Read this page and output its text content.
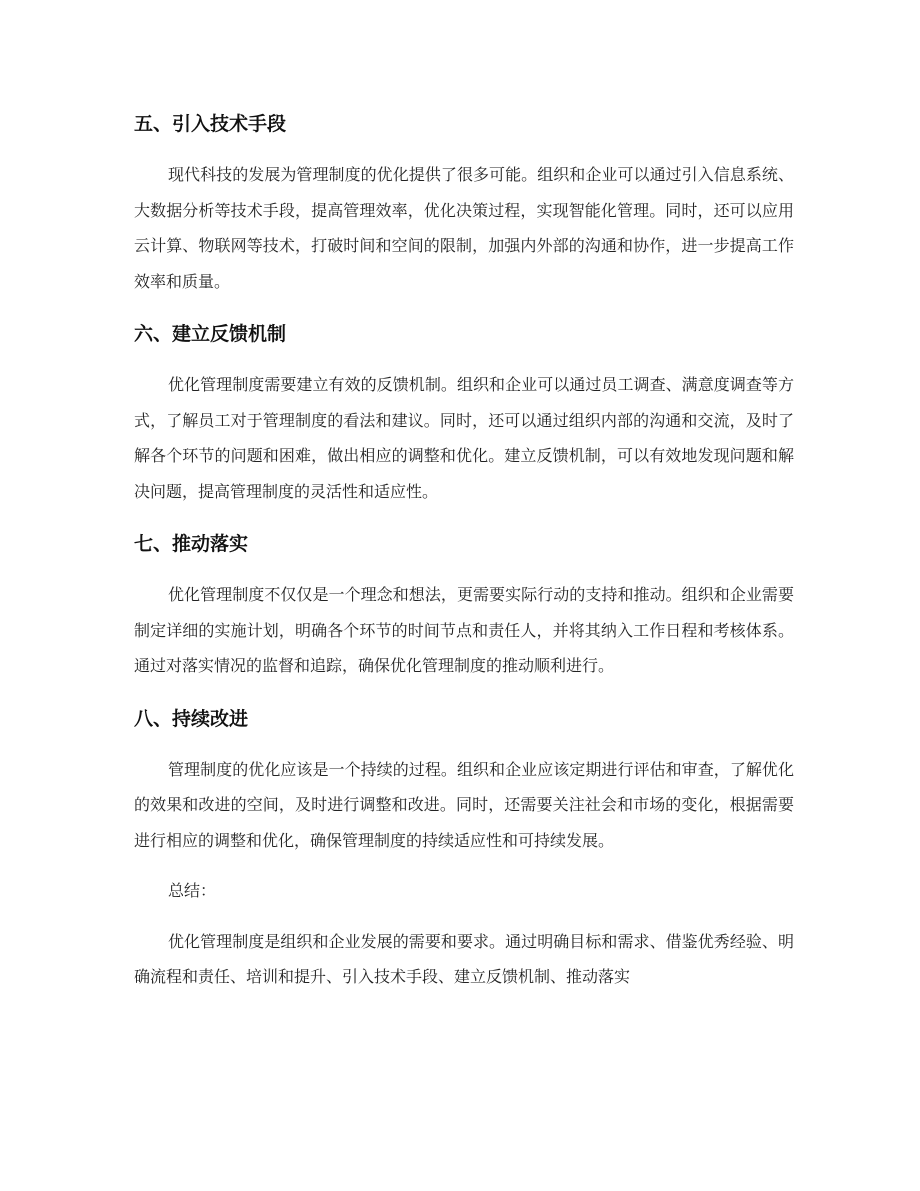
五、引入技术手段

现代科技的发展为管理制度的优化提供了很多可能。组织和企业可以通过引入信息系统、大数据分析等技术手段，提高管理效率，优化决策过程，实现智能化管理。同时，还可以应用云计算、物联网等技术，打破时间和空间的限制，加强内外部的沟通和协作，进一步提高工作效率和质量。

六、建立反馈机制

优化管理制度需要建立有效的反馈机制。组织和企业可以通过员工调查、满意度调查等方式，了解员工对于管理制度的看法和建议。同时，还可以通过组织内部的沟通和交流，及时了解各个环节的问题和困难，做出相应的调整和优化。建立反馈机制，可以有效地发现问题和解决问题，提高管理制度的灵活性和适应性。

七、推动落实

优化管理制度不仅仅是一个理念和想法，更需要实际行动的支持和推动。组织和企业需要制定详细的实施计划，明确各个环节的时间节点和责任人，并将其纳入工作日程和考核体系。通过对落实情况的监督和追踪，确保优化管理制度的推动顺利进行。

八、持续改进

管理制度的优化应该是一个持续的过程。组织和企业应该定期进行评估和审查，了解优化的效果和改进的空间，及时进行调整和改进。同时，还需要关注社会和市场的变化，根据需要进行相应的调整和优化，确保管理制度的持续适应性和可持续发展。

总结：

优化管理制度是组织和企业发展的需要和要求。通过明确目标和需求、借鉴优秀经验、明确流程和责任、培训和提升、引入技术手段、建立反馈机制、推动落实
